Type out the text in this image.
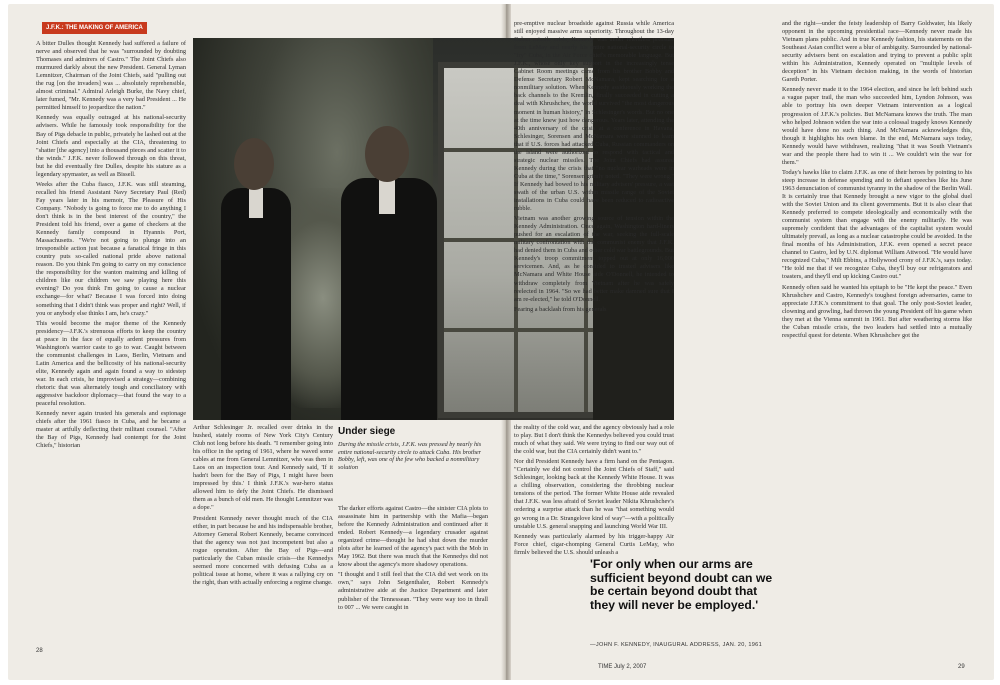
J.F.K.: THE MAKING OF AMERICA

A bitter Dulles thought Kennedy had suffered a failure of nerve and observed that he was "surrounded by doubting Thomases and admirers of Castro." The Joint Chiefs also murmured darkly about the new President. General Lyman Lemnitzer, Chairman of the Joint Chiefs, said "pulling out the rug [on the invaders] was ... absolutely reprehensible, almost criminal." Admiral Arleigh Burke, the Navy chief, later fumed, "Mr. Kennedy was a very bad President ... He permitted himself to jeopardize the nation."

Kennedy was equally outraged at his national-security advisers. While he famously took responsibility for the Bay of Pigs debacle in public, privately he lashed out at the Joint Chiefs and especially at the CIA, threatening to "shatter [the agency] into a thousand pieces and scatter it to the winds." J.F.K. never followed through on this threat, but he did eventually fire Dulles, despite his stature as a legendary spymaster, as well as Bissell.

Weeks after the Cuba fiasco, J.F.K. was still steaming, recalled his friend Assistant Navy Secretary Paul (Red) Fay years later in his memoir, The Pleasure of His Company. "Nobody is going to force me to do anything I don't think is in the best interest of the country," the President told his friend, over a game of checkers at the Kennedy family compound in Hyannis Port, Massachusetts. "We're not going to plunge into an irresponsible action just because a fanatical fringe in this country puts so-called national pride above national reason. Do you think I'm going to carry on my conscience the responsibility for the wanton maiming and killing of children like our children we saw playing here this evening? Do you think I'm going to cause a nuclear exchange—for what? Because I was forced into doing something that I didn't think was proper and right? Well, if you or anybody else thinks I am, he's crazy."

This would become the major theme of the Kennedy presidency—J.F.K.'s strenuous efforts to keep the country at peace in the face of equally ardent pressures from Washington's warrior caste to go to war. Caught between the communist challenges in Laos, Berlin, Vietnam and Latin America and the bellicosity of his national-security elite, Kennedy again and again found a way to sidestep war. In each crisis, he improvised a strategy—combining rhetoric that was alternately tough and conciliatory with aggressive backdoor diplomacy—that found the way to a peaceful resolution.

Kennedy never again trusted his generals and espionage chiefs after the 1961 fiasco in Cuba, and he became a master at artfully deflecting their militant counsel. "After the Bay of Pigs, Kennedy had contempt for the Joint Chiefs," historian

Arthur Schlesinger Jr. recalled over drinks in the hushed, stately rooms of New York City's Century Club not long before his death. "I remember going into his office in the spring of 1961, where he waved some cables at me from General Lemnitzer, who was then in Laos on an inspection tour. And Kennedy said, 'If it hadn't been for the Bay of Pigs, I might have been impressed by this.' I think J.F.K.'s war-hero status allowed him to defy the Joint Chiefs. He dismissed them as a bunch of old men. He thought Lemnitzer was a dope."

President Kennedy never thought much of the CIA either, in part because he and his indispensable brother, Attorney General Robert Kennedy, became convinced that the agency was not just incompetent but also a rogue operation. After the Bay of Pigs—and particularly the Cuban missile crisis—the Kennedys seemed more concerned with defusing Cuba as a political issue at home, where it was a rallying cry on the right, than with actually enforcing a regime change.

Under siege
During the missile crisis, J.F.K. was pressed by nearly his entire national-security circle to attack Cuba. His brother Bobby, left, was one of the few who backed a nonmilitary solution

The darker efforts against Castro—the sinister CIA plots to assassinate him in partnership with the Mafia—began before the Kennedy Administration and continued after it ended. Robert Kennedy—a legendary crusader against organized crime—thought he had shut down the murder plots after he learned of the agency's pact with the Mob in May 1962. But there was much that the Kennedys did not know about the agency's more shadowy operations.

"I thought and I still feel that the CIA did wet work on its own," says John Seigenthaler, Robert Kennedy's administrative aide at the Justice Department and later publisher of the Tennessean. "They were way too in thrall to 007 ... We were caught in

28

pre-emptive nuclear broadside against Russia while America still enjoyed massive arms superiority. Throughout the 13-day Cuban missile crisis, Kennedy was under relentless pressure from LeMay and nearly his entire national-security circle to "fry" Cuba, in the Air Force chief's memorable language. But J.F.K., whose only key support in the increasingly tense Cabinet Room meetings came from his brother Bobby and Defense Secretary Robert McNamara, kept searching for a nonmilitary solution. When Kennedy assiduously working the back channels to the Kremlin, finally succeeded in cutting a deal with Khrushchev, the world survived "the most dangerous moment in human history," in Schlesinger's words. But no one at the time knew just how dangerous. Years later, attending the 40th anniversary of the crisis at a conference in Havana, Schlesinger, Sorensen and McNamara were stunned to learn that if U.S. forces had attacked Cuba, Russian commanders on the island were authorized to respond with tactical and strategic nuclear missiles. The Joint Chiefs had assured Kennedy during the crisis that "no nuclear warheads were in Cuba at the time," Sorensen grimly noted. "They were wrong." If Kennedy had bowed to his military advisers' pressure, a vast swath of the urban U.S. within missile range of the Soviet installations in Cuba could have been reduced to radioactive rubble.

Vietnam was another growing source of tension within the Kennedy Administration. Once again, Washington hard-liners pushed for an escalation of the war, seeking the full-scale military confrontation with the communist enemy that J.F.K. had denied them in Cuba and other cold war battlegrounds. But Kennedy's troop commitment topped out at only 16,000 servicemen. And, as he confided to trusted advisers like McNamara and White House aide O'Donnell, he intended to withdraw completely from Vietnam after he was safely reelected in 1964. "So we had better make damned sure that I am re-elected," he told O'Donnell.

Fearing a backlash from his generals

the reality of the cold war, and the agency obviously had a role to play. But I don't think the Kennedys believed you could trust much of what they said. We were trying to find our way out of the cold war, but the CIA certainly didn't want to."

Nor did President Kennedy have a firm hand on the Pentagon. "Certainly we did not control the Joint Chiefs of Staff," said Schlesinger, looking back at the Kennedy White House. It was a chilling observation, considering the throbbing nuclear tensions of the period. The former White House aide revealed that J.F.K. was less afraid of Soviet leader Nikita Khrushchev's ordering a surprise attack than he was "that something would go wrong in a Dr. Strangelove kind of way"—with a politically unstable U.S. general snapping and launching World War III.

Kennedy was particularly alarmed by his trigger-happy Air Force chief, cigar-chomping General Curtis LeMay, who firmly believed the U.S. should unleash a

and the right—under the feisty leadership of Barry Goldwater, his likely opponent in the upcoming presidential race—Kennedy never made his Vietnam plans public. And in true Kennedy fashion, his statements on the Southeast Asian conflict were a blur of ambiguity. Surrounded by national-security advisers bent on escalation and trying to prevent a public split within his Administration, Kennedy operated on "multiple levels of deception" in his Vietnam decision making, in the words of historian Gareth Porter.

Kennedy never made it to the 1964 election, and since he left behind such a vague paper trail, the man who succeeded him, Lyndon Johnson, was able to portray his own deeper Vietnam intervention as a logical progression of J.F.K.'s policies. But McNamara knows the truth. The man who helped Johnson widen the war into a colossal tragedy knows Kennedy would have done no such thing. And McNamara acknowledges this, though it highlights his own blame. In the end, McNamara says today, Kennedy would have withdrawn, realizing "that it was South Vietnam's war and the people there had to win it ... We couldn't win the war for them."

Today's hawks like to claim J.F.K. as one of their heroes by pointing to his steep increase in defense spending and to defiant speeches like his June 1963 denunciation of communist tyranny in the shadow of the Berlin Wall. It is certainly true that Kennedy brought a new vigor to the global duel with the Soviet Union and its client governments. But it is also clear that Kennedy preferred to compete ideologically and economically with the communist system than engage with the enemy militarily. He was supremely confident that the advantages of the capitalist system would ultimately prevail, as long as a nuclear catastrophe could be avoided. In the final months of his Administration, J.F.K. even opened a secret peace channel to Castro, led by U.N. diplomat William Attwood. "He would have recognized Cuba," Milt Ebbins, a Hollywood crony of J.F.K.'s, says today. "He told me that if we recognize Cuba, they'll buy our refrigerators and toasters, and they'll end up kicking Castro out."

Kennedy often said he wanted his epitaph to be "He kept the peace." Even Khrushchev and Castro, Kennedy's toughest foreign adversaries, came to appreciate J.F.K.'s commitment to that goal. The only post-Soviet leader, clowning and growling, had thrown the young President off his game when they met at the Vienna summit in 1961. But after weathering storms like the Cuban missile crisis, the two leaders had settled into a mutually respectful quest for detente. When Khrushchev got the

'For only when our arms are sufficient beyond doubt can we be certain beyond doubt that they will never be employed.'
—JOHN F. KENNEDY, INAUGURAL ADDRESS, JAN. 20, 1961
TIME July 2, 2007	29
